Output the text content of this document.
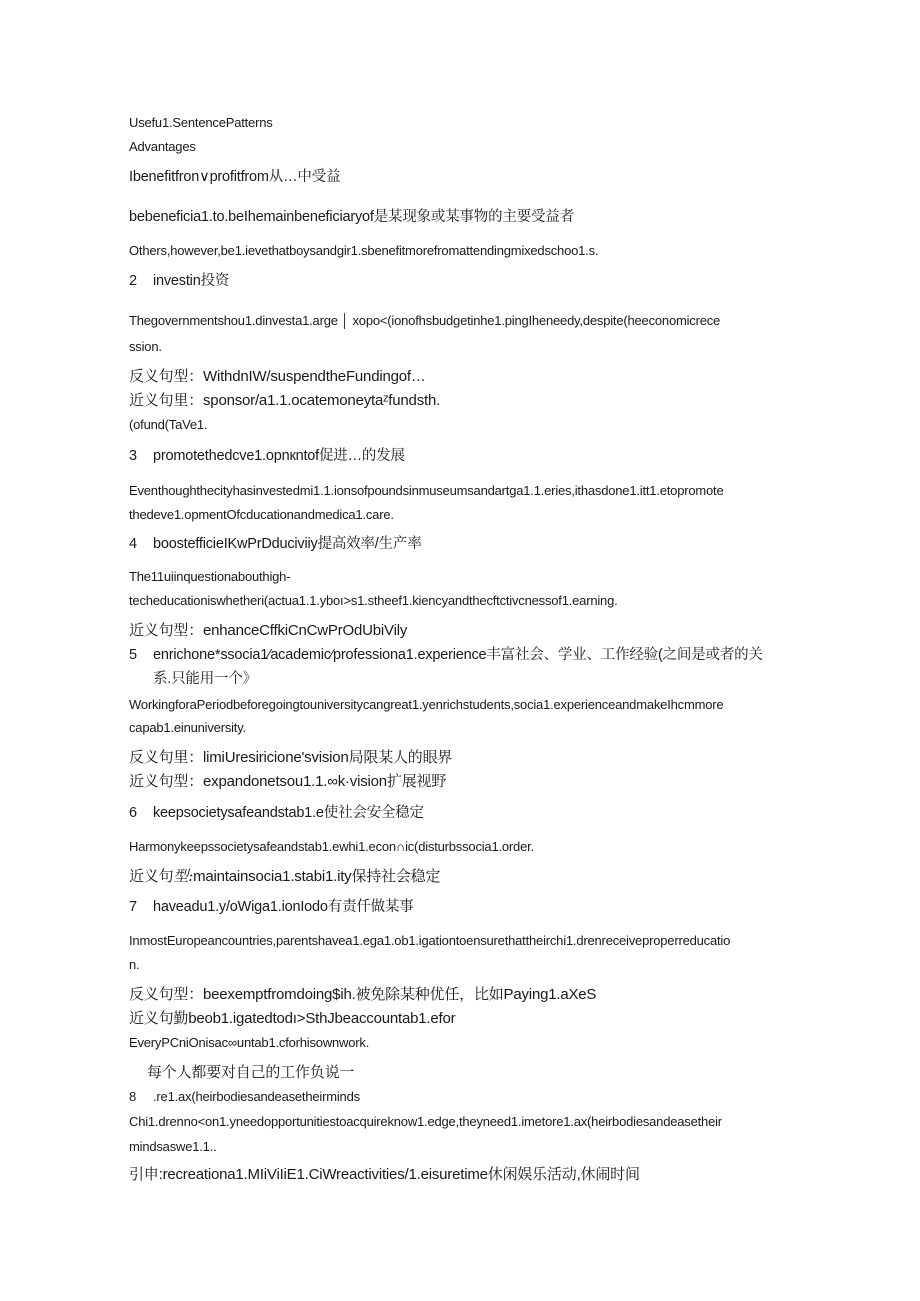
Usefu1.SentencePatterns
Advantages
Ibenefitfron∨profitfrom从…中受益
bebeneficia1.to.beIhemainbeneficiaryof是某现象或某事物的主要受益者
Others,however,be1.ievethatboysandgir1.sbenefitmorefromattendingmixedschoo1.s.
2 investin投资
Thegovernmentshou1.dinvesta1.arge │ xopo<(ionofhsbudgetinhe1.pingIheneedy,despite(heeconomicrece
ssion.
反义句型：WithdnIW/suspendtheFundingof…
近义句里：sponsor/a1.1.ocatemoneytaᶻfundsth.
(ofund(TaVe1.
3 promotethedcve1.opnкntof促进…的发展
Eventhoughthecityhasinvestedmi1.1.ionsofpoundsinmuseumsandartga1.1.eries,ithasdone1.itt1.etopromote
thedeve1.opmentOfcducationandmedica1.care.
4 boostefficieIKwPrDduciviiy提高效率/生产率
The11uiinquestionabouthigh-
techeducationiswhetheri(actua1.1.yboı>s1.stheef1.kiencyandthecftctivcnessof1.earning.
近义句型：enhanceCffkiCnCwPrOdUbiVily
5 enrichone*ssocia1⁄academic⁄professiona1.experience丰富社会、学业、工作经验(之间是或者的关
系.只能用一个》
WorkingforaPeriodbeforegoingtouniversitycangreat1.yenrichstudents,socia1.experienceandmakeIhcmmore
capab1.einuniversity.
反义句里：limiUresiricione'svision局限某人的眼界
近义句型：expandonetsou1.1.∞k·vision扩展视野
6 keepsocietysafeandstab1.e使社会安全稳定
Harmonykeepssocietysafeandstab1.ewhi1.econ∩ic(disturbssocia1.order.
近义句型:maintainsocia1.stabi1.ity保持社会稳定
7 haveadu1.y/oWiga1.ionIodo有责仟做某事
InmostEuropeancountries,parentshavea1.ega1.ob1.igationtoensurethattheirchi1.drenreceiveproperreducatio
n.
反义句型：beexemptfromdoing$ih.被免除某种优任，比如Paying1.aXeS
近义句勤beob1.igatedtodı>SthJbeaccountab1.efor
EveryPCniOnisac∞untab1.cforhisownwork.
每个人都要对自己的工作负说一
8 .re1.ax(heirbodiesandeasetheirminds
Chi1.drenno<on1.yneedopportunitiestoacquireknow1.edge,theyneed1.imetore1.ax(heirbodiesandeasetheir
mindsaswe1.1..
引申:recreationa1.MIiViIiE1.CiWreactivities/1.eisuretime休闲娱乐活动,休闹时间
